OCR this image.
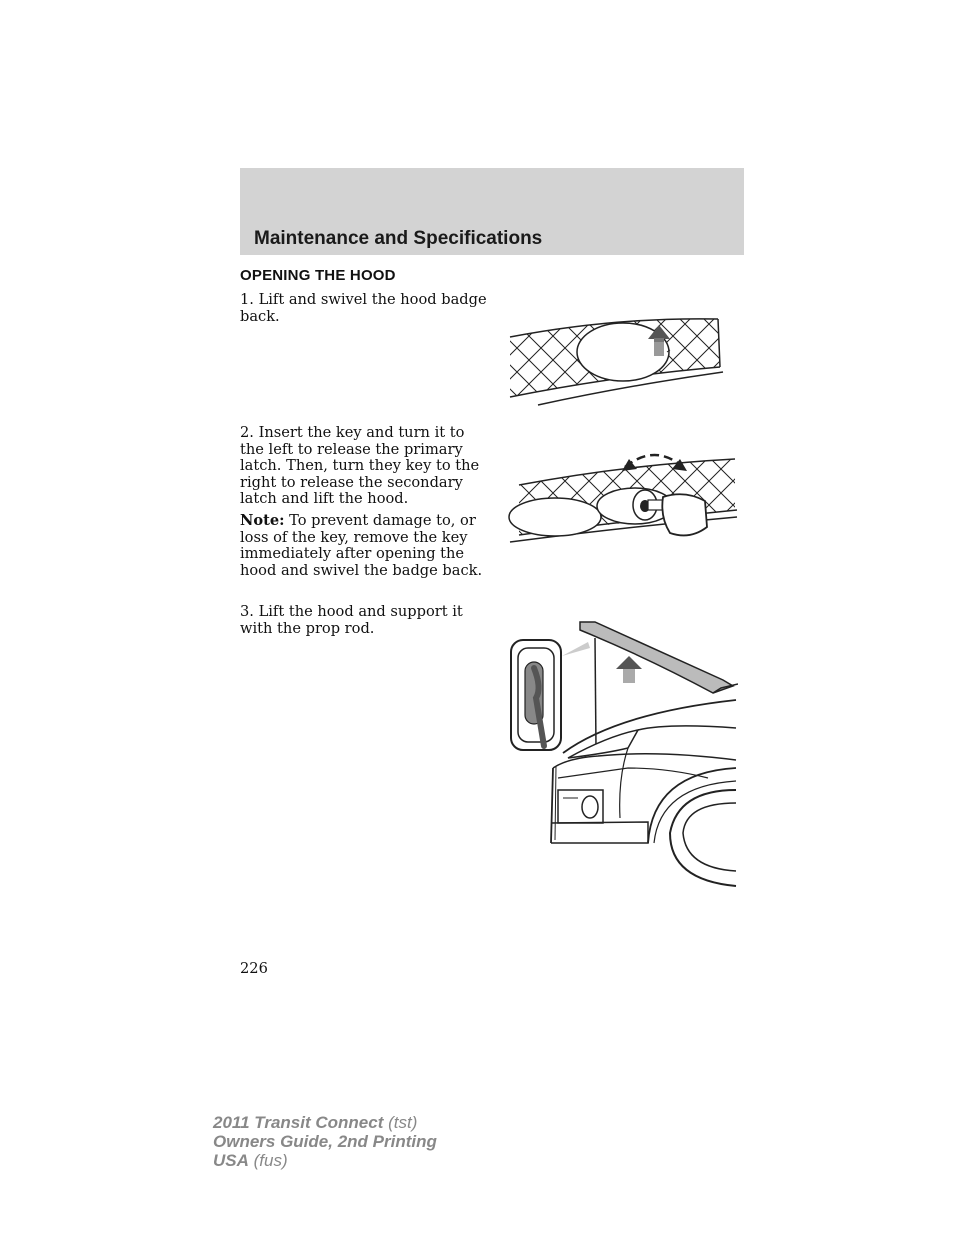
Maintenance and Specifications
OPENING THE HOOD

1. Lift and swivel the hood badge back.

2. Insert the key and turn it to the left to release the primary latch. Then, turn they key to the right to release the secondary latch and lift the hood.

Note: To prevent damage to, or loss of the key, remove the key immediately after opening the hood and swivel the badge back.

3. Lift the hood and support it with the prop rod.

226

2011 Transit Connect (tst)
Owners Guide, 2nd Printing
USA (fus)
